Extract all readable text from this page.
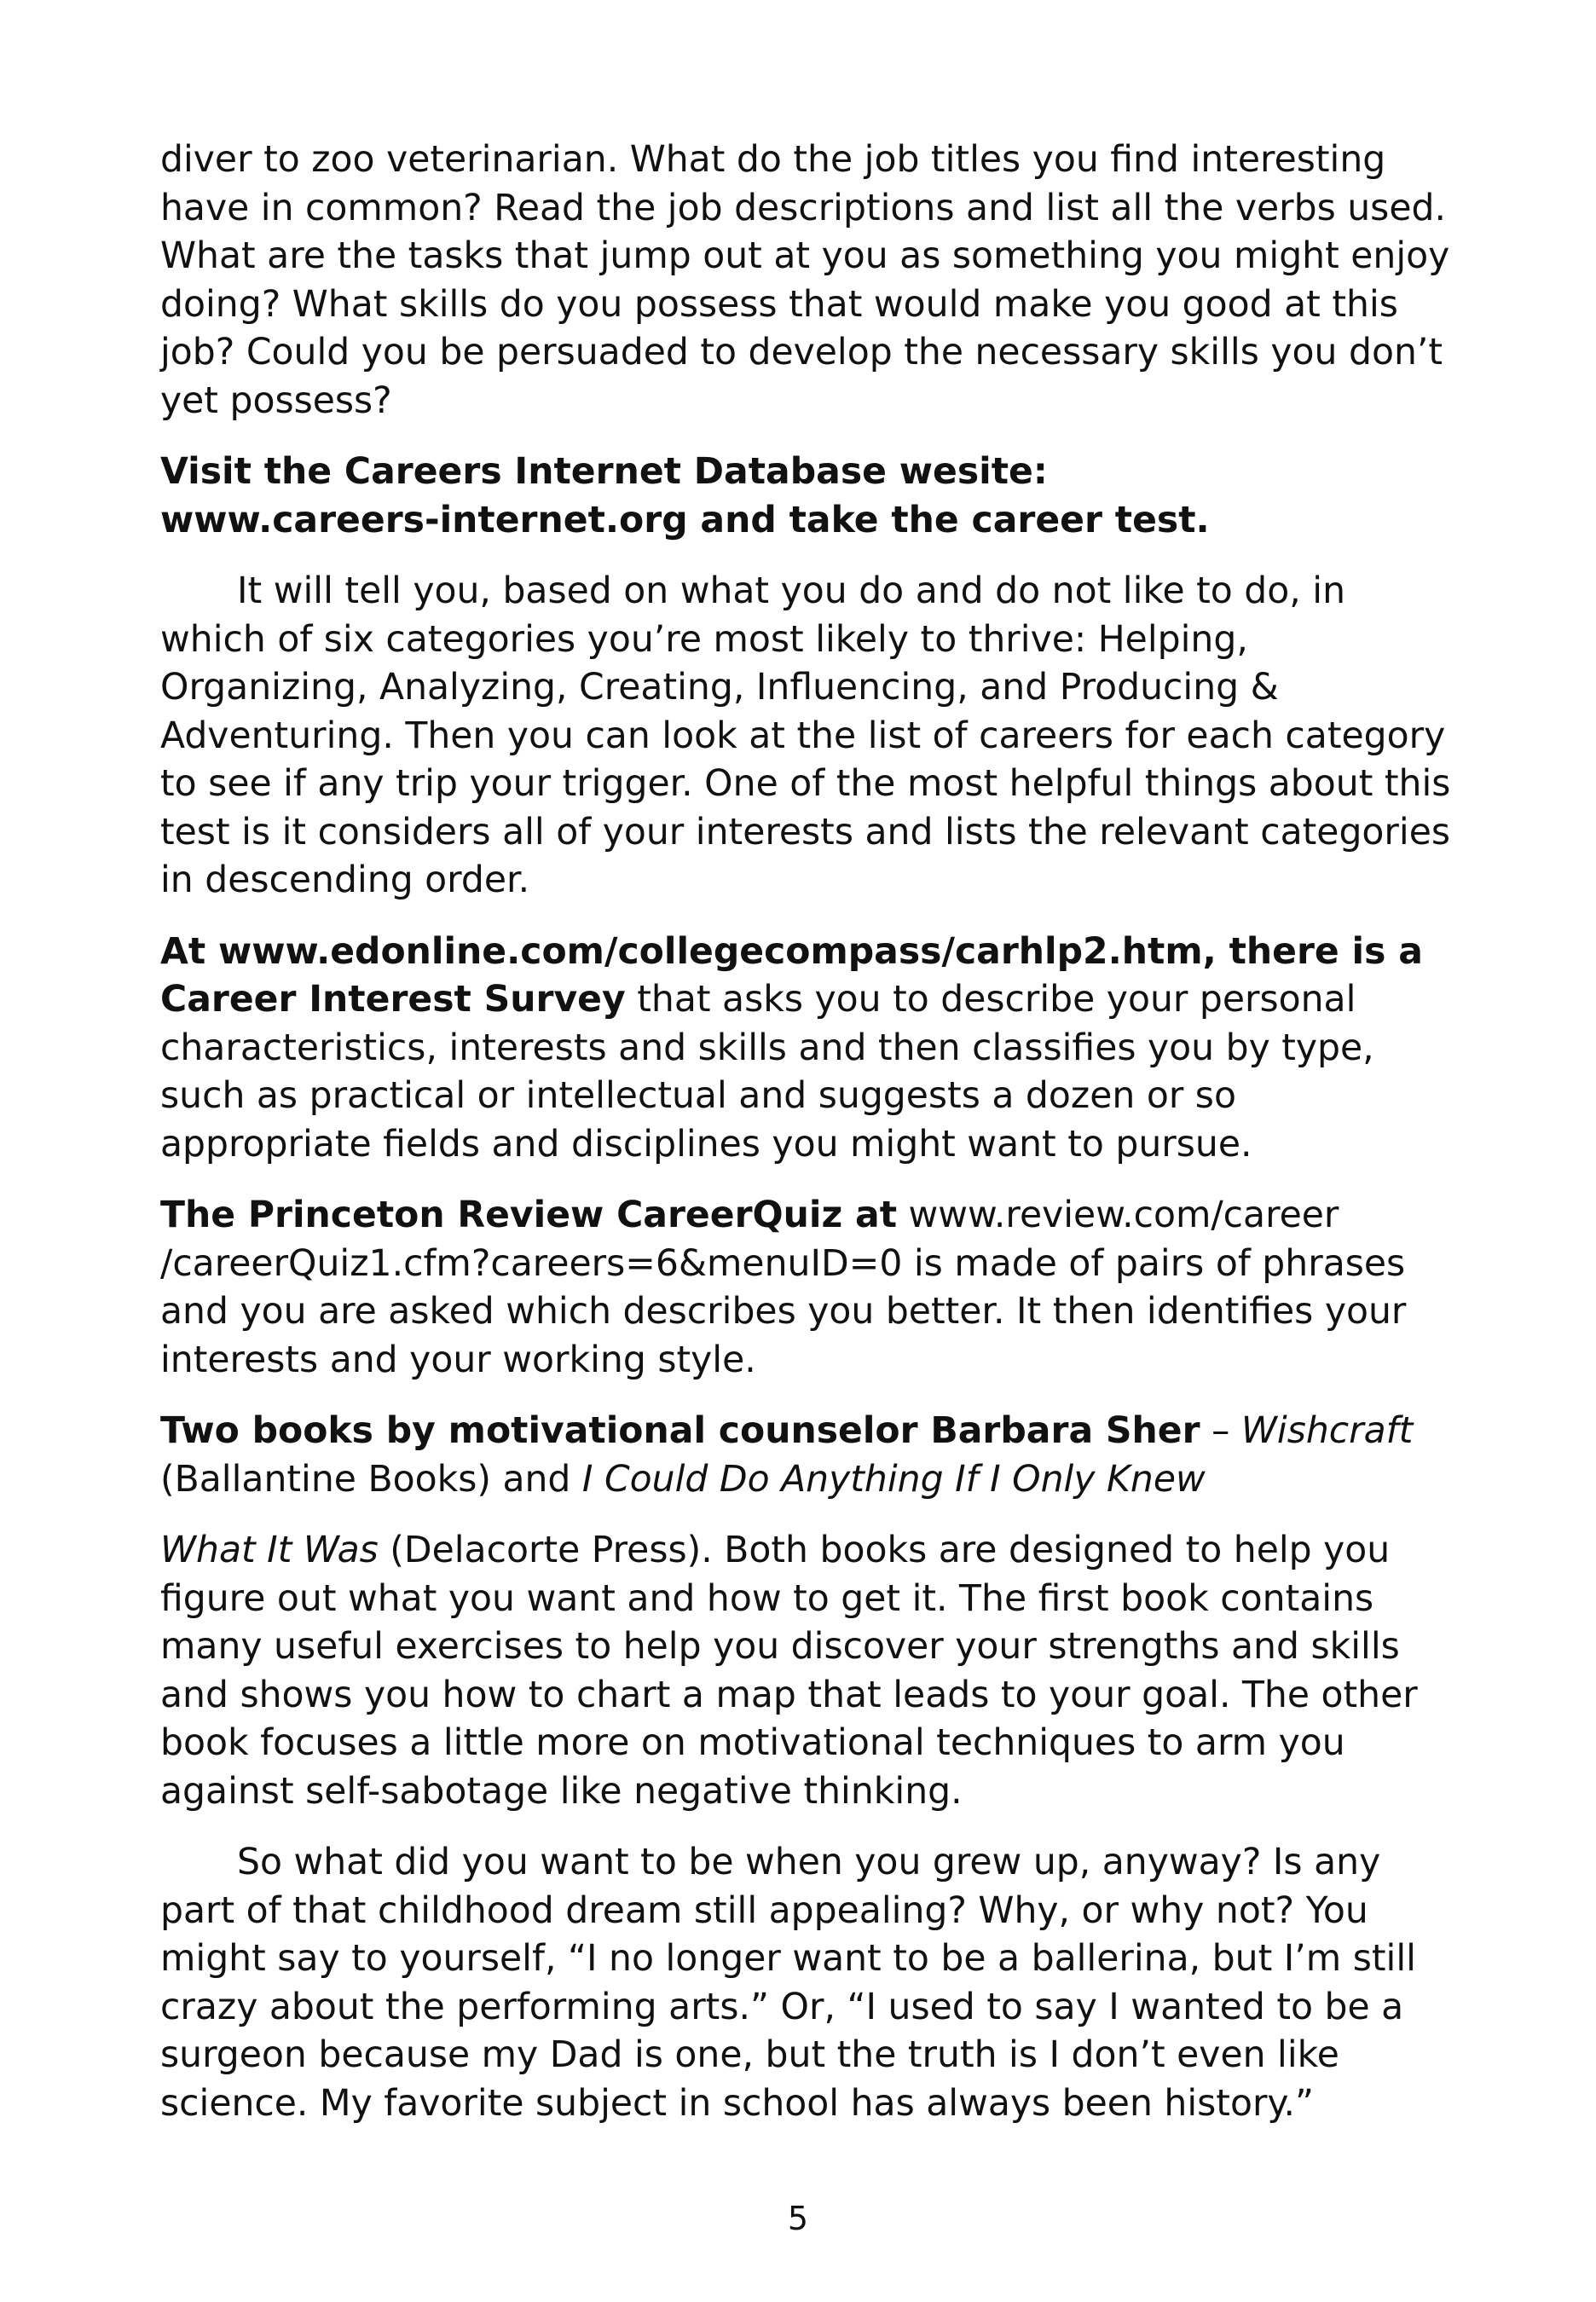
diver to zoo veterinarian. What do the job titles you find interesting have in common? Read the job descriptions and list all the verbs used. What are the tasks that jump out at you as something you might enjoy doing? What skills do you possess that would make you good at this job? Could you be persuaded to develop the necessary skills you don’t yet possess?

Visit the Careers Internet Database wesite:
www.careers-internet.org and take the career test.

It will tell you, based on what you do and do not like to do, in which of six categories you’re most likely to thrive: Helping, Organizing, Analyzing, Creating, Influencing, and Producing & Adventuring. Then you can look at the list of careers for each category to see if any trip your trigger. One of the most helpful things about this test is it considers all of your interests and lists the relevant categories in descending order.

At www.edonline.com/collegecompass/carhlp2.htm, there is a Career Interest Survey that asks you to describe your personal characteristics, interests and skills and then classifies you by type, such as practical or intellectual and suggests a dozen or so appropriate fields and disciplines you might want to pursue.

The Princeton Review CareerQuiz at www.review.com/career /careerQuiz1.cfm?careers=6&menuID=0 is made of pairs of phrases and you are asked which describes you better. It then identifies your interests and your working style.

Two books by motivational counselor Barbara Sher – Wishcraft (Ballantine Books) and I Could Do Anything If I Only Knew

What It Was (Delacorte Press). Both books are designed to help you figure out what you want and how to get it. The first book contains many useful exercises to help you discover your strengths and skills and shows you how to chart a map that leads to your goal. The other book focuses a little more on motivational techniques to arm you against self-sabotage like negative thinking.

So what did you want to be when you grew up, anyway? Is any part of that childhood dream still appealing? Why, or why not? You might say to yourself, “I no longer want to be a ballerina, but I’m still crazy about the performing arts.” Or, “I used to say I wanted to be a surgeon because my Dad is one, but the truth is I don’t even like science. My favorite subject in school has always been history.”

5
